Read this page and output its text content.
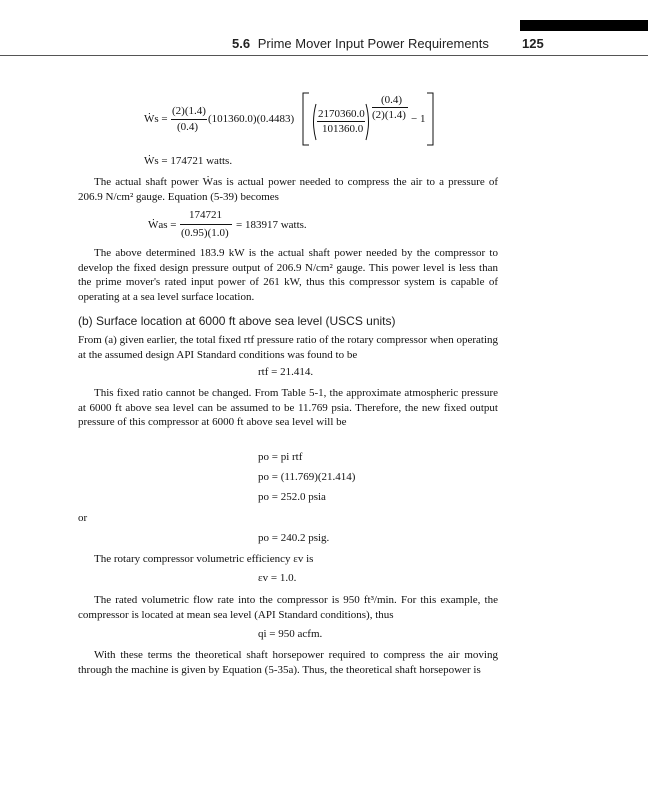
5.6 Prime Mover Input Power Requirements	125
Ẇs =
(2)(1.4)
(0.4)
(101360.0)(0.4483) 2170360.0
101360.0
(0.4)
(2)(1.4) − 1
Ẇs = 174721 watts.
The actual shaft power Ẇas is actual power needed to compress the air to a pressure of 206.9 N/cm² gauge. Equation (5-39) becomes
Ẇas =
174721
(0.95)(1.0)
= 183917 watts.
The above determined 183.9 kW is the actual shaft power needed by the compressor to develop the fixed design pressure output of 206.9 N/cm² gauge. This power level is less than the prime mover's rated input power of 261 kW, thus this compressor system is capable of operating at a sea level surface location.
(b) Surface location at 6000 ft above sea level (USCS units)
From (a) given earlier, the total fixed rtf pressure ratio of the rotary compressor when operating at the assumed design API Standard conditions was found to be
rtf = 21.414.
This fixed ratio cannot be changed. From Table 5-1, the approximate atmospheric pressure at 6000 ft above sea level can be assumed to be 11.769 psia. Therefore, the new fixed output pressure of this compressor at 6000 ft above sea level will be
po = pi rtf
po = (11.769)(21.414)
po = 252.0 psia
or
po = 240.2 psig.
The rotary compressor volumetric efficiency εv is
εv = 1.0.
The rated volumetric flow rate into the compressor is 950 ft³/min. For this example, the compressor is located at mean sea level (API Standard conditions), thus
qi = 950 acfm.
With these terms the theoretical shaft horsepower required to compress the air moving through the machine is given by Equation (5-35a). Thus, the theoretical shaft horsepower is
